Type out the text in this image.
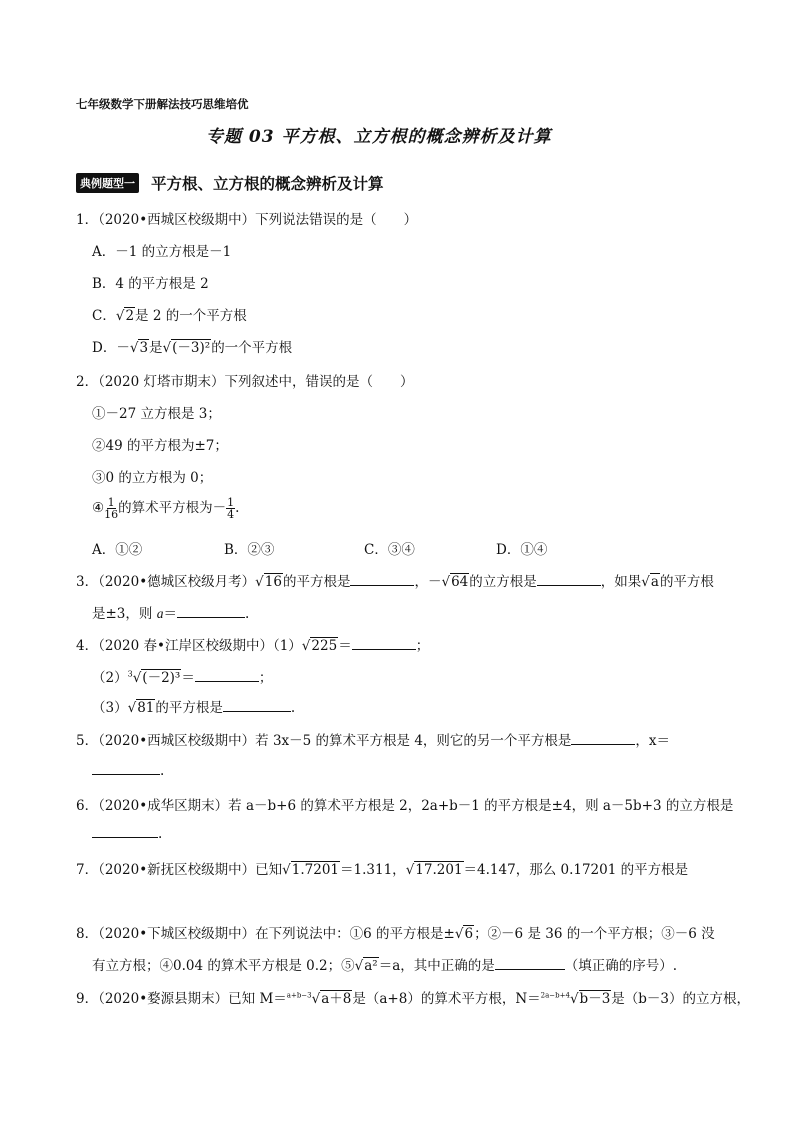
七年级数学下册解法技巧思维培优
专题 03 平方根、立方根的概念辨析及计算
典例题型一 平方根、立方根的概念辨析及计算
1．（2020•西城区校级期中）下列说法错误的是（　　）
A．－1 的立方根是－1
B．4 的平方根是 2
C．√2是 2 的一个平方根
D．－√3是√(－3)²的一个平方根
2．（2020 灯塔市期末）下列叙述中，错误的是（　　）
①－27 立方根是 3；
②49 的平方根为±7；
③0 的立方根为 0；
④ $\frac{1}{16}$ 的算术平方根为－ $\frac{1}{4}$ .
A．①②	B．②③	C．③④	D．①④
3．（2020•德城区校级月考）√16的平方根是	，－√64的立方根是	，如果√a的平方根
是±3，则 a＝	.
4．（2020 春•江岸区校级期中）（1）√225＝	；
$(2)^3√(-2)^3=$	；
（3）√81的平方根是	.
5．（2020•西城区校级期中）若 3x－5 的算术平方根是 4，则它的另一个平方根是	，x＝
.
6．（2020•成华区期末）若 a－b+6 的算术平方根是 2，2a+b－1 的平方根是±4，则 a－5b+3 的立方根是
.
7．（2020•新抚区校级期中）已知√1.7201＝1.311，√17.201＝4.147，那么 0.17201 的平方根是
8．（2020•下城区校级期中）在下列说法中：①6 的平方根是±√6；②－6 是 36 的一个平方根；③－6 没
有立方根；④0.04 的算术平方根是 0.2；⑤√a²＝a，其中正确的是	（填正确的序号）.
9．（2020•婺源县期末）已知 M＝$^{a+b-3}$√a＋8是（a+8）的算术平方根，N＝$^{2a-b+4}$√b－3是（b－3）的立方根，
